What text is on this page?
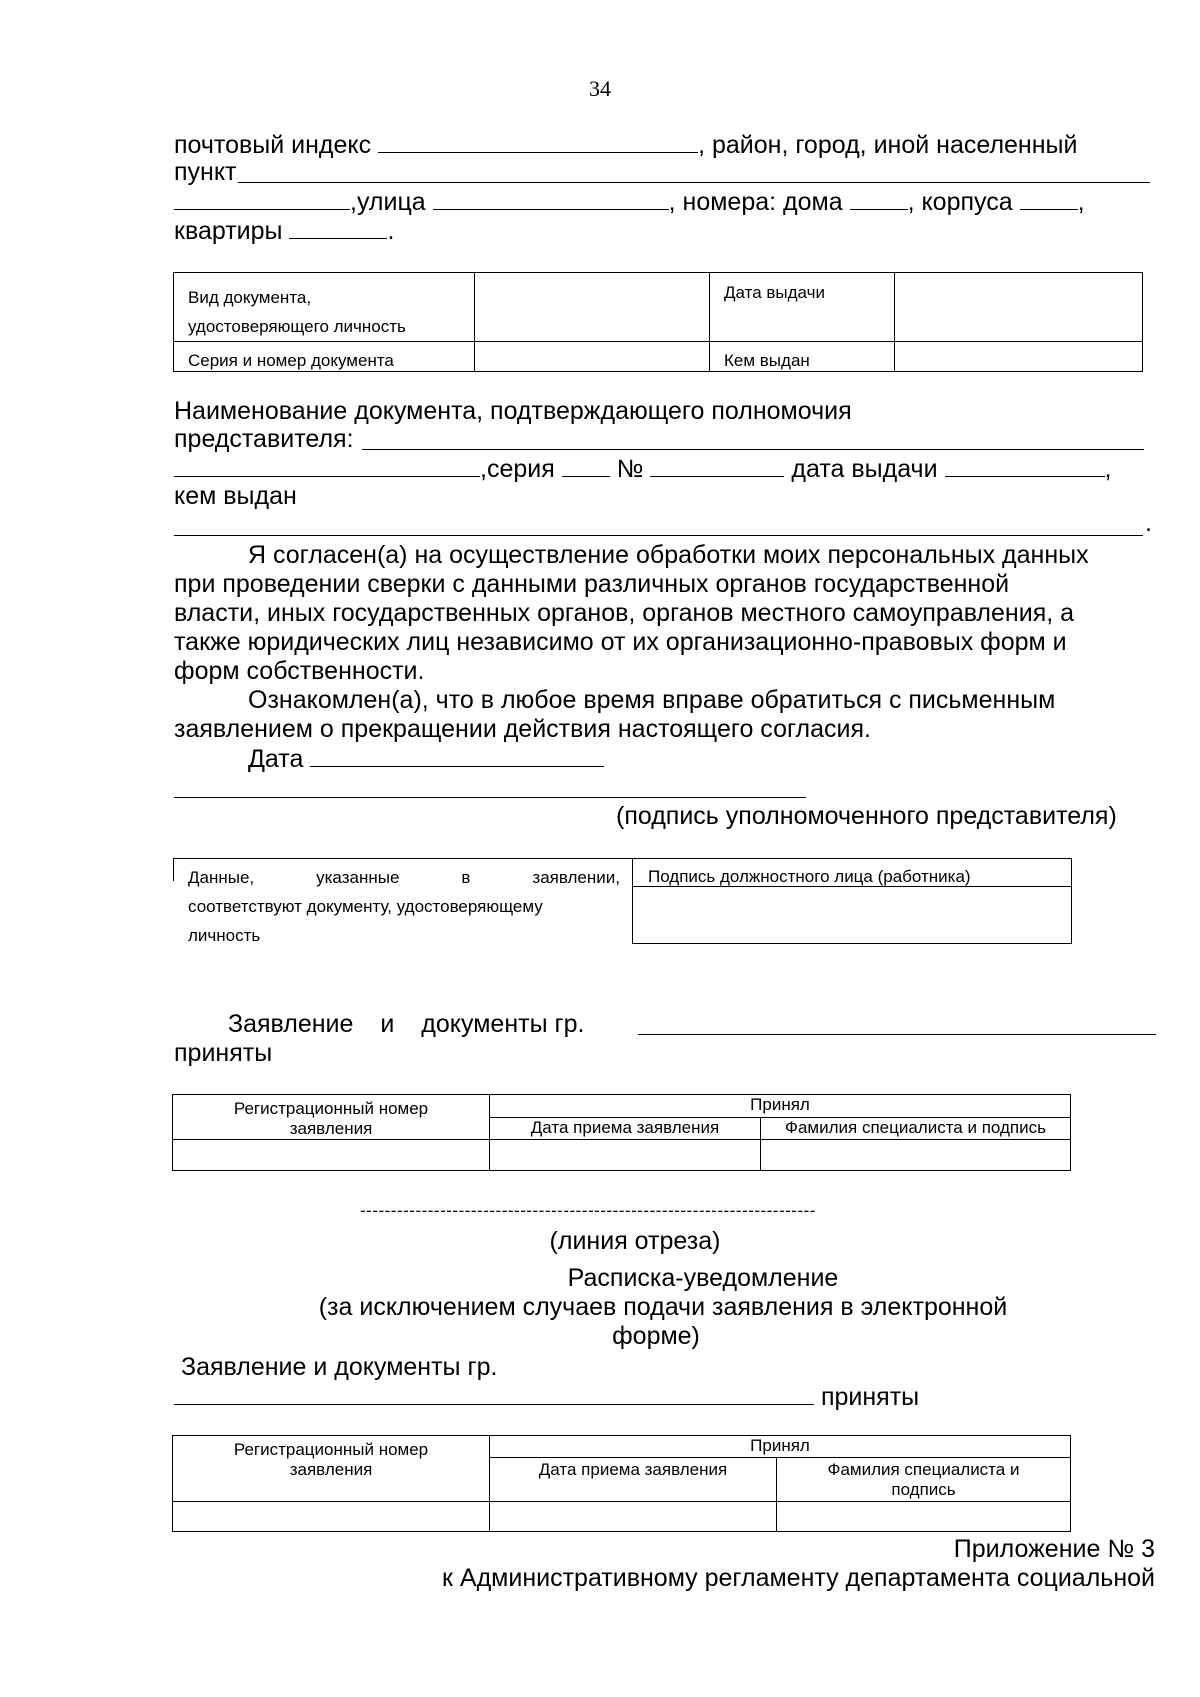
34
почтовый индекс	, район, город, иной населенный
пункт
,улица	, номера: дома	, корпуса	,
квартиры	.
Вид документа,
удостоверяющего личность		Дата выдачи	

Серия и номер документа		Кем выдан	

Наименование документа, подтверждающего полномочия
представителя:
,серия №	дата выдачи	,
кем выдан
.
Я согласен(а) на осуществление обработки моих персональных данных
при проведении сверки с данными различных органов государственной
власти, иных государственных органов, органов местного самоуправления, а
также юридических лиц независимо от их организационно-правовых форм и
форм собственности.
Ознакомлен(а), что в любое время вправе обратиться с письменным
заявлением о прекращении действия настоящего согласия.
Дата
(подпись уполномоченного представителя)
Данные,	указанные	в	заявлении,
соответствуют документу, удостоверяющему
личность
Подпись должностного лица (работника)
Заявление и документы гр.
приняты
Регистрационный номер заявления	Принял	

	Дата приема заявления	Фамилия специалиста и подпись

--------------------------------------------------------------------------
(линия отреза)
Расписка-уведомление
(за исключением случаев подачи заявления в электронной
форме)
Заявление и документы гр.
приняты
Регистрационный номер заявления	Принял	

	Дата приема заявления	Фамилия специалиста и подпись

Приложение № 3
к Административному регламенту департамента социальной
